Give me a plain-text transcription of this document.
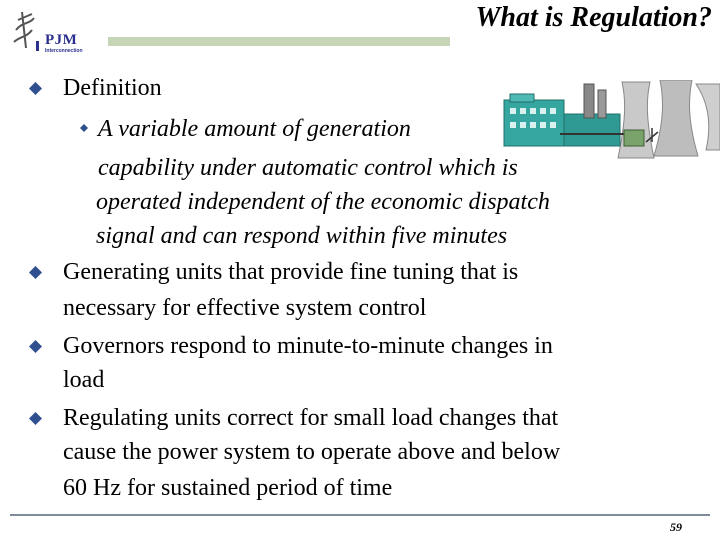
PJM
Interconnection
What is Regulation?
Definition
A variable amount of generation
capability under automatic control which is
operated independent of the economic dispatch
signal and can respond within five minutes
Generating units that provide fine tuning that is
necessary for effective system control
Governors respond to minute-to-minute changes in
load
Regulating units correct for small load changes that
cause the power system to operate above and below
60 Hz for sustained period of time
59
